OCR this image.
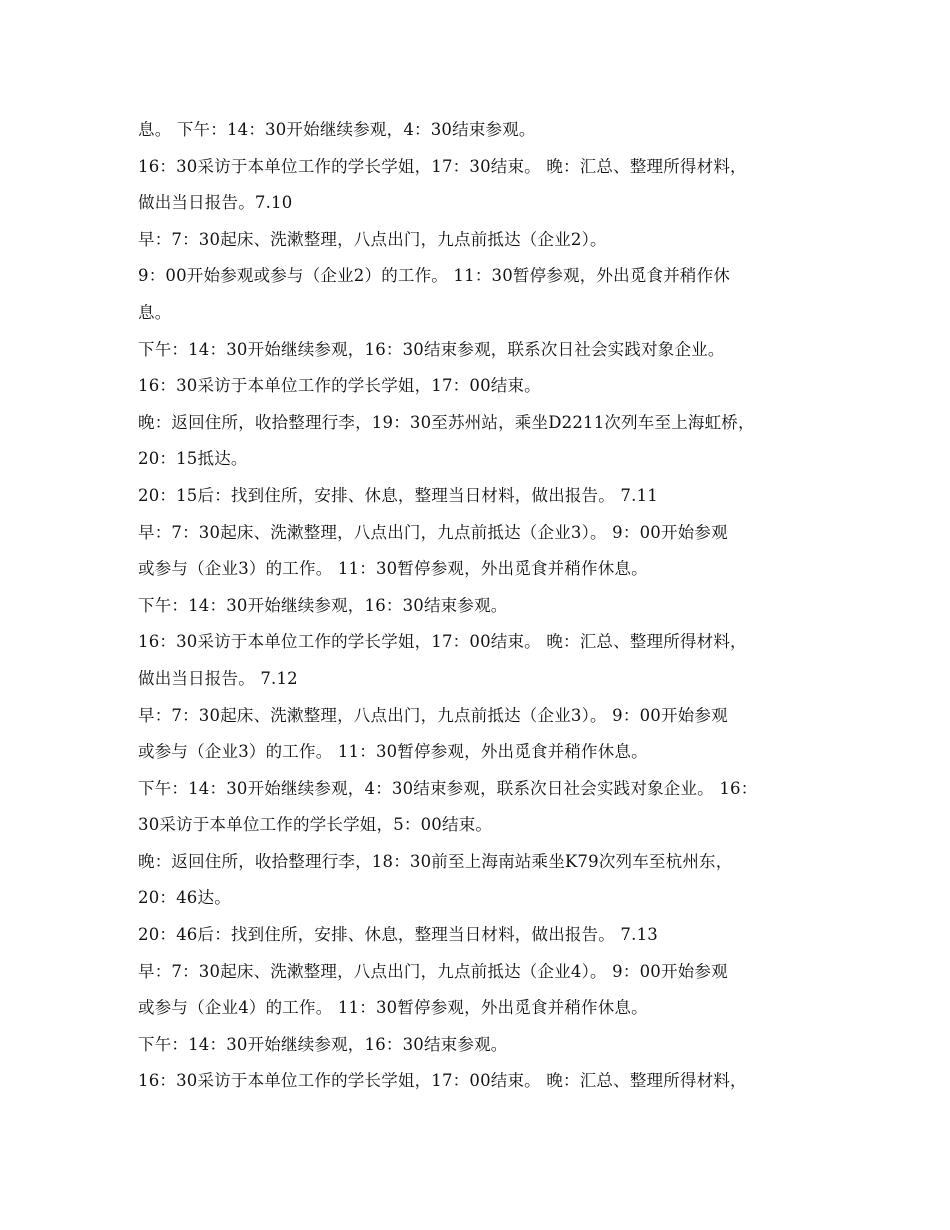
息。 下午：14：30开始继续参观，4：30结束参观。
16：30采访于本单位工作的学长学姐，17：30结束。 晚：汇总、整理所得材料，
做出当日报告。7.10
早：7：30起床、洗漱整理，八点出门，九点前抵达（企业2）。
9：00开始参观或参与（企业2）的工作。 11：30暂停参观，外出觅食并稍作休
息。
下午：14：30开始继续参观，16：30结束参观，联系次日社会实践对象企业。
16：30采访于本单位工作的学长学姐，17：00结束。
晚：返回住所，收拾整理行李，19：30至苏州站，乘坐D2211次列车至上海虹桥，
20：15抵达。
20：15后：找到住所，安排、休息，整理当日材料，做出报告。 7.11
早：7：30起床、洗漱整理，八点出门，九点前抵达（企业3）。 9：00开始参观
或参与（企业3）的工作。 11：30暂停参观，外出觅食并稍作休息。
下午：14：30开始继续参观，16：30结束参观。
16：30采访于本单位工作的学长学姐，17：00结束。 晚：汇总、整理所得材料，
做出当日报告。 7.12
早：7：30起床、洗漱整理，八点出门，九点前抵达（企业3）。 9：00开始参观
或参与（企业3）的工作。 11：30暂停参观，外出觅食并稍作休息。
下午：14：30开始继续参观，4：30结束参观，联系次日社会实践对象企业。 16：
30采访于本单位工作的学长学姐，5：00结束。
晚：返回住所，收拾整理行李，18：30前至上海南站乘坐K79次列车至杭州东，
20：46达。
20：46后：找到住所，安排、休息，整理当日材料，做出报告。 7.13
早：7：30起床、洗漱整理，八点出门，九点前抵达（企业4）。 9：00开始参观
或参与（企业4）的工作。 11：30暂停参观，外出觅食并稍作休息。
下午：14：30开始继续参观，16：30结束参观。
16：30采访于本单位工作的学长学姐，17：00结束。 晚：汇总、整理所得材料，
